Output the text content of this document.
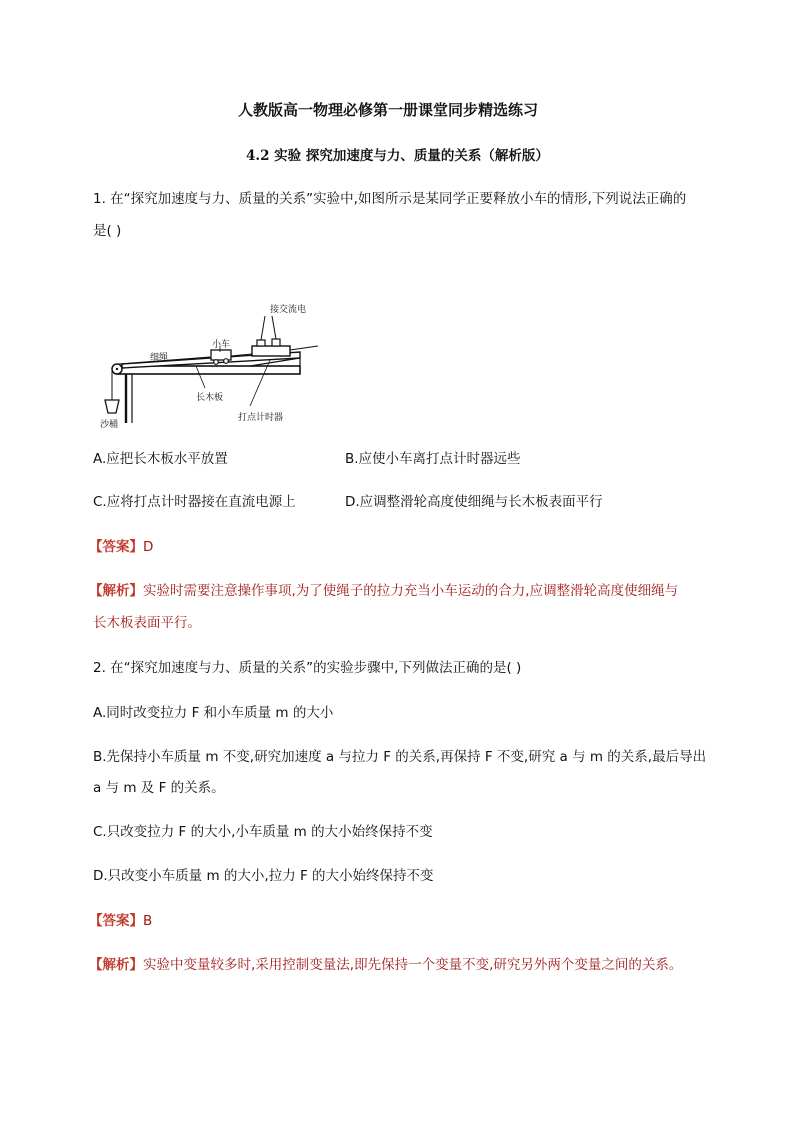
人教版高一物理必修第一册课堂同步精选练习
4.2 实验 探究加速度与力、质量的关系（解析版）
1. 在“探究加速度与力、质量的关系”实验中,如图所示是某同学正要释放小车的情形,下列说法正确的
是( )
接交流电
小车
细绳
长木板
打点计时器
沙桶
A.应把长木板水平放置	B.应使小车离打点计时器远些
C.应将打点计时器接在直流电源上	D.应调整滑轮高度使细绳与长木板表面平行
【答案】D
【解析】实验时需要注意操作事项,为了使绳子的拉力充当小车运动的合力,应调整滑轮高度使细绳与
长木板表面平行。
2. 在“探究加速度与力、质量的关系”的实验步骤中,下列做法正确的是( )
A.同时改变拉力 F 和小车质量 m 的大小
B.先保持小车质量 m 不变,研究加速度 a 与拉力 F 的关系,再保持 F 不变,研究 a 与 m 的关系,最后导出
a 与 m 及 F 的关系。
C.只改变拉力 F 的大小,小车质量 m 的大小始终保持不变
D.只改变小车质量 m 的大小,拉力 F 的大小始终保持不变
【答案】B
【解析】实验中变量较多时,采用控制变量法,即先保持一个变量不变,研究另外两个变量之间的关系。
